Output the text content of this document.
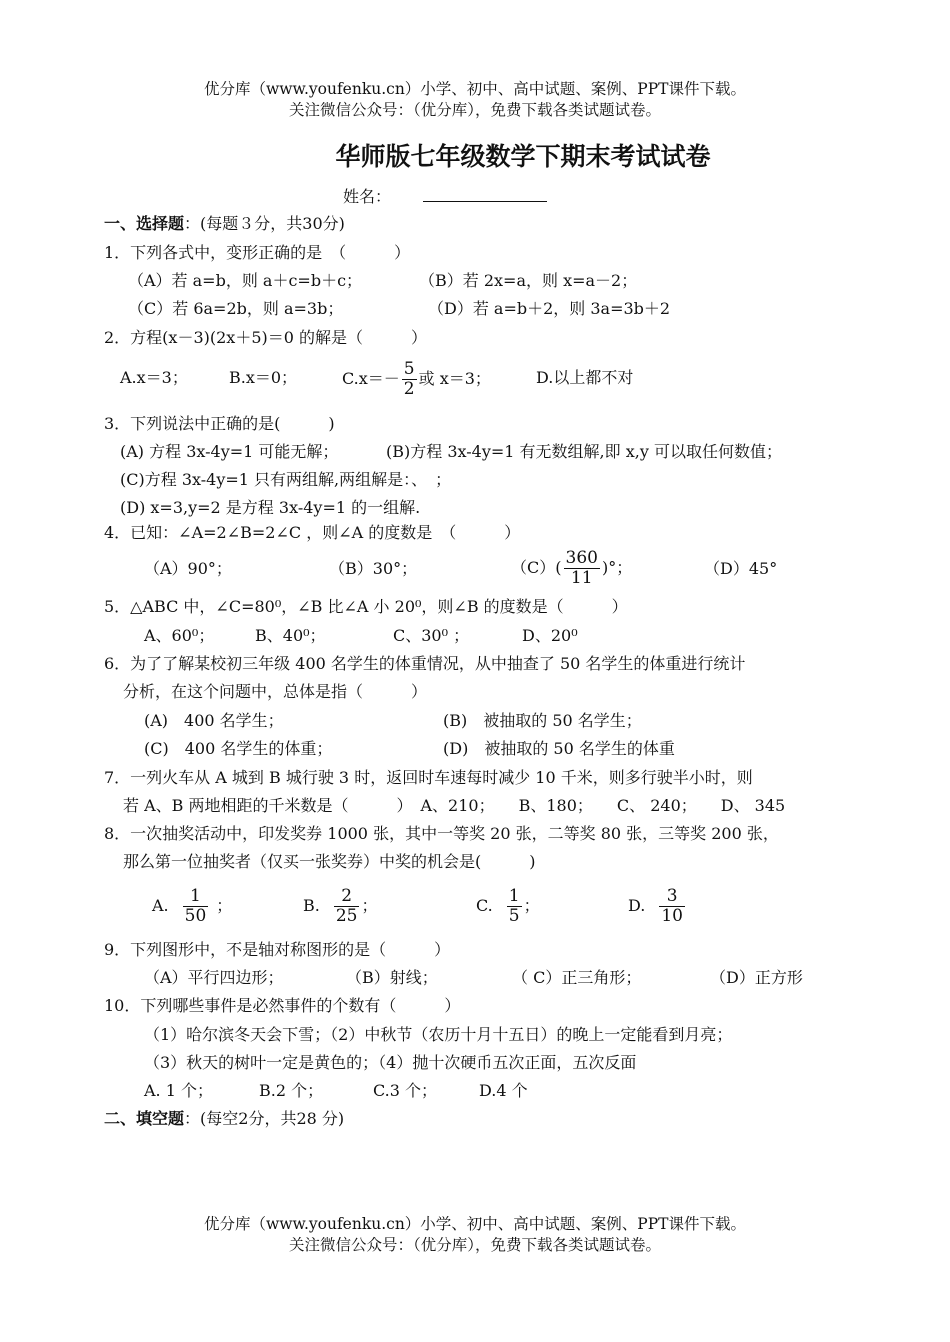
优分库（www.youfenku.cn）小学、初中、高中试题、案例、PPT课件下载。
关注微信公众号：（优分库），免费下载各类试题试卷。
华师版七年级数学下期末考试试卷
姓名：
一、选择题：(每题３分，共30分)
1．下列各式中，变形正确的是　（　　　）
（A）若 a=b，则 a＋c=b＋c；	（B）若 2x=a，则 x=a－2；
（C）若 6a=2b，则 a=3b；	（D）若 a=b＋2，则 3a=3b＋2
2．方程(x－3)(2x＋5)＝0 的解是（　　　）
A.x＝3；	B.x＝0；	$C.x=- \frac{5}{2}$ 或 x＝3；	D.以上都不对
3．下列说法中正确的是(　　　)
(A) 方程 3x-4y=1 可能无解；	(B)方程 3x-4y=1 有无数组解,即 x,y 可以取任何数值；
(C)方程 3x-4y=1 只有两组解,两组解是：、　；
(D) x=3,y=2 是方程 3x-4y=1 的一组解.
4．已知：∠A=2∠B=2∠C ，则∠A 的度数是　（　　　）
（A）90°；	（B）30°；	$(C)( \frac{360}{11}$ )°；	（D）45°
5．△ABC 中，∠C=80⁰，∠B 比∠A 小 20⁰，则∠B 的度数是（　　　）
A、60⁰；	B、40⁰；	C、30⁰ ；	D、20⁰
6．为了了解某校初三年级 400 名学生的体重情况，从中抽查了 50 名学生的体重进行统计
分析，在这个问题中，总体是指（　　　）
(A)　400 名学生；	(B)　被抽取的 50 名学生；
(C)　400 名学生的体重；	(D)　被抽取的 50 名学生的体重
7．一列火车从 A 城到 B 城行驶 3 时，返回时车速每时减少 10 千米，则多行驶半小时，则
若 A、B 两地相距的千米数是（　　　）　A、210；　　B、180；　　C、 240；　　D、 345
8．一次抽奖活动中，印发奖券 1000 张，其中一等奖 20 张，二等奖 80 张，三等奖 200 张，
那么第一位抽奖者（仅买一张奖券）中奖的机会是(　　　)
A. $\frac{1}{50}$ ；	B. $\frac{2}{25}$ ；	C. $\frac{1}{5}$ ；	D. $\frac{3}{10}$
9．下列图形中，不是轴对称图形的是（　　　）
（A）平行四边形；	（B）射线；	（ C）正三角形；	（D）正方形
10．下列哪些事件是必然事件的个数有（　　　）
（1）哈尔滨冬天会下雪；（2）中秋节（农历十月十五日）的晚上一定能看到月亮；
（3）秋天的树叶一定是黄色的；（4）抛十次硬币五次正面，五次反面
A. 1 个；	B.2 个；	C.3 个；	D.4 个
二、填空题：(每空2分，共28 分)
优分库（www.youfenku.cn）小学、初中、高中试题、案例、PPT课件下载。
关注微信公众号：（优分库），免费下载各类试题试卷。
